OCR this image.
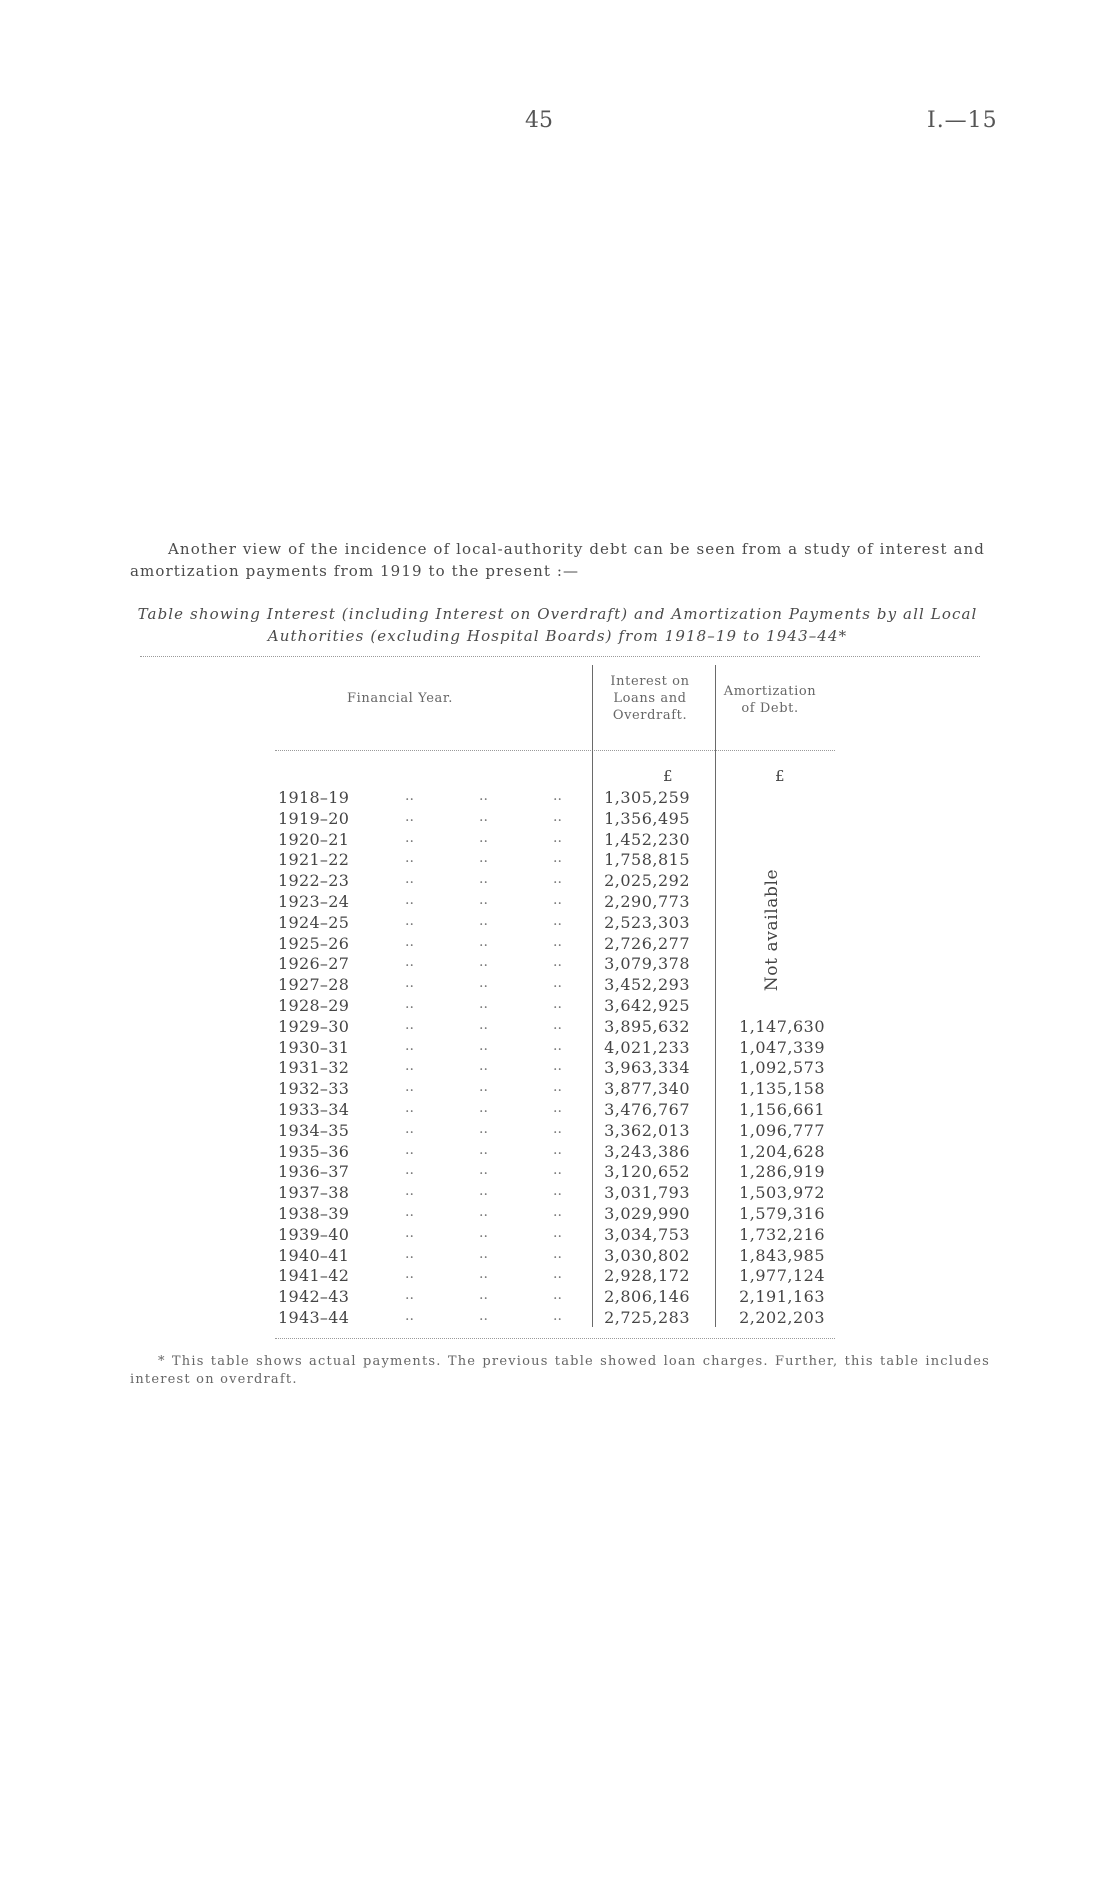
45	I.—15
Another view of the incidence of local-authority debt can be seen from a study of interest and amortization payments from 1919 to the present :—
Table showing Interest (including Interest on Overdraft) and Amortization Payments by all Local
Authorities (excluding Hospital Boards) from 1918–19 to 1943–44*
Financial Year.
Interest on
Loans and
Overdraft.
Amortization
of Debt.
£	£
Not available
1918–19	..	..	..	1,305,259
1919–20	..	..	..	1,356,495
1920–21	..	..	..	1,452,230
1921–22	..	..	..	1,758,815
1922–23	..	..	..	2,025,292
1923–24	..	..	..	2,290,773
1924–25	..	..	..	2,523,303
1925–26	..	..	..	2,726,277
1926–27	..	..	..	3,079,378
1927–28	..	..	..	3,452,293
1928–29	..	..	..	3,642,925
1929–30	..	..	..	3,895,632	1,147,630
1930–31	..	..	..	4,021,233	1,047,339
1931–32	..	..	..	3,963,334	1,092,573
1932–33	..	..	..	3,877,340	1,135,158
1933–34	..	..	..	3,476,767	1,156,661
1934–35	..	..	..	3,362,013	1,096,777
1935–36	..	..	..	3,243,386	1,204,628
1936–37	..	..	..	3,120,652	1,286,919
1937–38	..	..	..	3,031,793	1,503,972
1938–39	..	..	..	3,029,990	1,579,316
1939–40	..	..	..	3,034,753	1,732,216
1940–41	..	..	..	3,030,802	1,843,985
1941–42	..	..	..	2,928,172	1,977,124
1942–43	..	..	..	2,806,146	2,191,163
1943–44	..	..	..	2,725,283	2,202,203
* This table shows actual payments. The previous table showed loan charges. Further, this table includes interest on overdraft.
